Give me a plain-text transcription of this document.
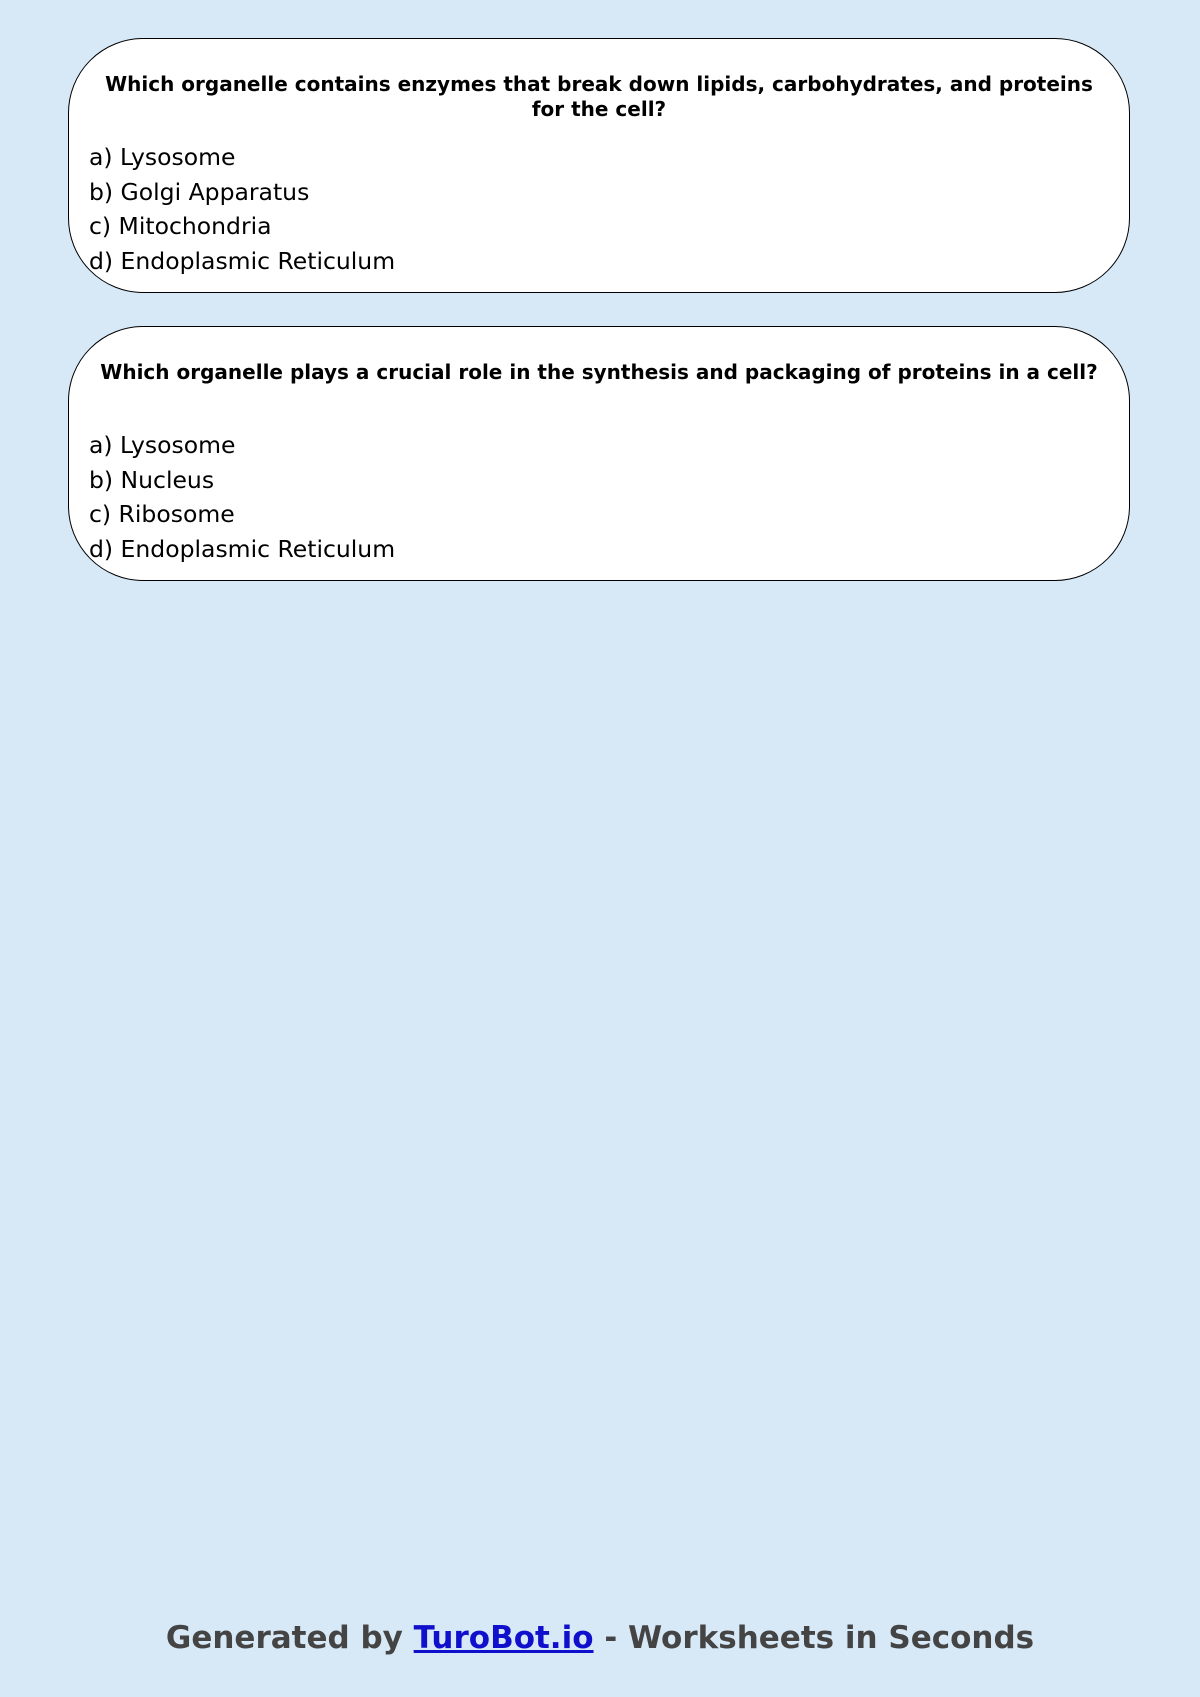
Which organelle contains enzymes that break down lipids, carbohydrates, and proteins for the cell?
a) Lysosome
b) Golgi Apparatus
c) Mitochondria
d) Endoplasmic Reticulum
Which organelle plays a crucial role in the synthesis and packaging of proteins in a cell?
a) Lysosome
b) Nucleus
c) Ribosome
d) Endoplasmic Reticulum
Generated by TuroBot.io - Worksheets in Seconds
